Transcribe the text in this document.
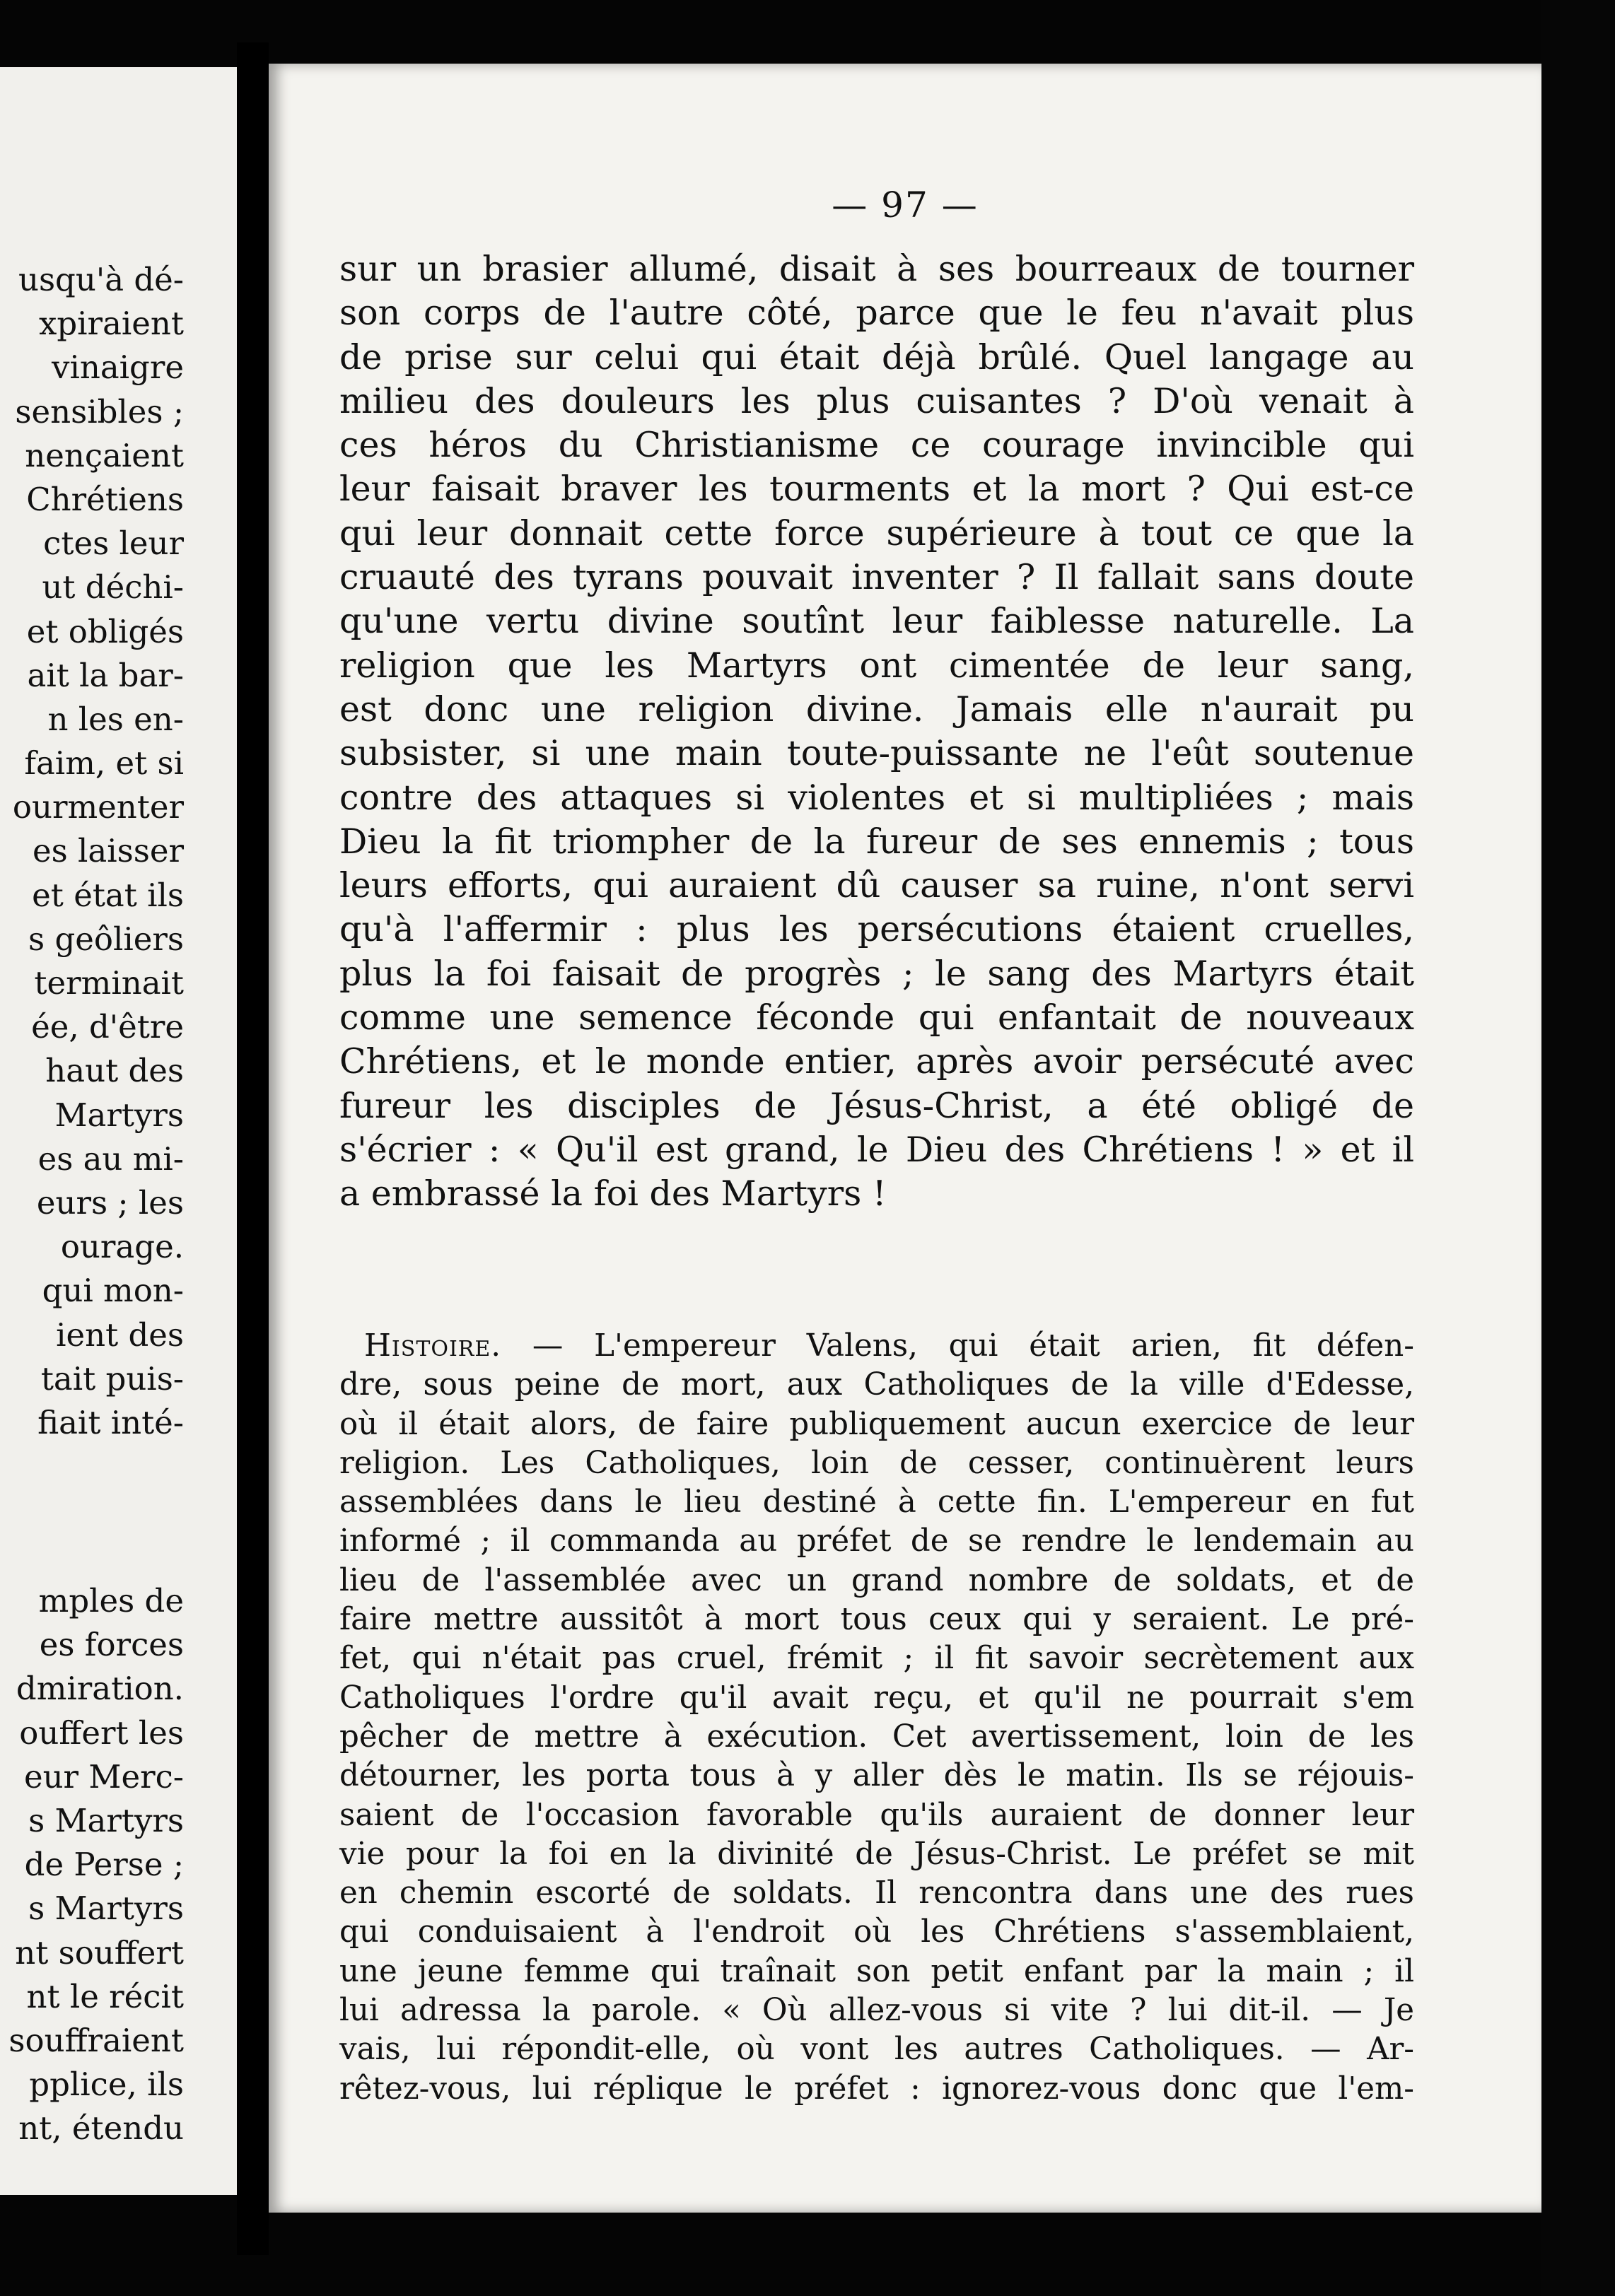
usqu'à dé-
xpiraient
vinaigre
sensibles ;
nençaient
Chrétiens
ctes leur
ut déchi-
et obligés
ait la bar-
n les en-
faim, et si
ourmenter
es laisser
et état ils
s geôliers
terminait
ée, d'être
haut des
Martyrs
es au mi-
eurs ; les
ourage.
qui mon-
ient des
tait puis-
fiait inté-
mples de
es forces
dmiration.
ouffert les
eur Merc-
s Martyrs
de Perse ;
s Martyrs
nt souffert
nt le récit
souffraient
pplice, ils
nt, étendu
— 97 —
sur un brasier allumé, disait à ses bourreaux de tourner
son corps de l'autre côté, parce que le feu n'avait plus
de prise sur celui qui était déjà brûlé. Quel langage au
milieu des douleurs les plus cuisantes ? D'où venait à
ces héros du Christianisme ce courage invincible qui
leur faisait braver les tourments et la mort ? Qui est-ce
qui leur donnait cette force supérieure à tout ce que la
cruauté des tyrans pouvait inventer ? Il fallait sans doute
qu'une vertu divine soutînt leur faiblesse naturelle. La
religion que les Martyrs ont cimentée de leur sang,
est donc une religion divine. Jamais elle n'aurait pu
subsister, si une main toute-puissante ne l'eût soutenue
contre des attaques si violentes et si multipliées ; mais
Dieu la fit triompher de la fureur de ses ennemis ; tous
leurs efforts, qui auraient dû causer sa ruine, n'ont servi
qu'à l'affermir : plus les persécutions étaient cruelles,
plus la foi faisait de progrès ; le sang des Martyrs était
comme une semence féconde qui enfantait de nouveaux
Chrétiens, et le monde entier, après avoir persécuté avec
fureur les disciples de Jésus-Christ, a été obligé de
s'écrier : « Qu'il est grand, le Dieu des Chrétiens ! » et il
a embrassé la foi des Martyrs !
Histoire. — L'empereur Valens, qui était arien, fit défen-
dre, sous peine de mort, aux Catholiques de la ville d'Edesse,
où il était alors, de faire publiquement aucun exercice de leur
religion. Les Catholiques, loin de cesser, continuèrent leurs
assemblées dans le lieu destiné à cette fin. L'empereur en fut
informé ; il commanda au préfet de se rendre le lendemain au
lieu de l'assemblée avec un grand nombre de soldats, et de
faire mettre aussitôt à mort tous ceux qui y seraient. Le pré-
fet, qui n'était pas cruel, frémit ; il fit savoir secrètement aux
Catholiques l'ordre qu'il avait reçu, et qu'il ne pourrait s'em
pêcher de mettre à exécution. Cet avertissement, loin de les
détourner, les porta tous à y aller dès le matin. Ils se réjouis-
saient de l'occasion favorable qu'ils auraient de donner leur
vie pour la foi en la divinité de Jésus-Christ. Le préfet se mit
en chemin escorté de soldats. Il rencontra dans une des rues
qui conduisaient à l'endroit où les Chrétiens s'assemblaient,
une jeune femme qui traînait son petit enfant par la main ; il
lui adressa la parole. « Où allez-vous si vite ? lui dit-il. — Je
vais, lui répondit-elle, où vont les autres Catholiques. — Ar-
rêtez-vous, lui réplique le préfet : ignorez-vous donc que l'em-
